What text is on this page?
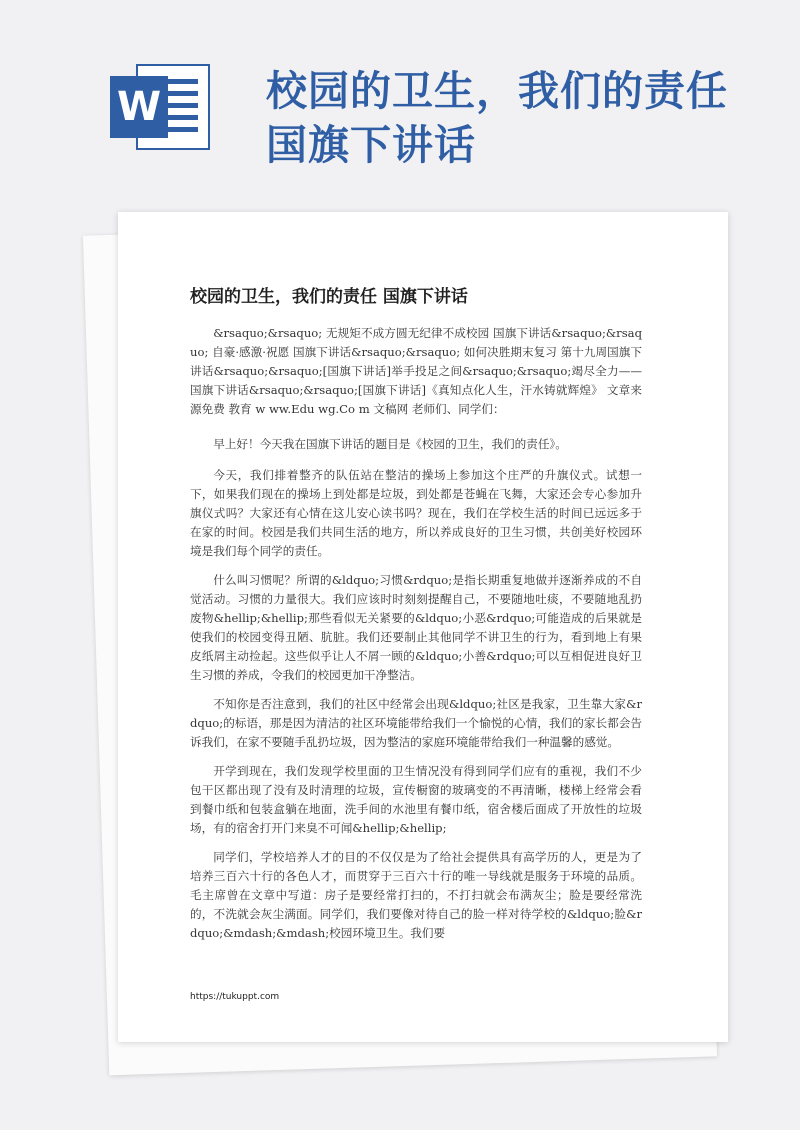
W	校园的卫生，我们的责任国旗下讲话
校园的卫生，我们的责任 国旗下讲话

&rsaquo;&rsaquo; 无规矩不成方圆无纪律不成校园 国旗下讲话&rsaquo;&rsaquo; 自豪·感激·祝愿 国旗下讲话&rsaquo;&rsaquo; 如何决胜期末复习 第十九周国旗下讲话&rsaquo;&rsaquo;[国旗下讲话]举手投足之间&rsaquo;&rsaquo;竭尽全力——国旗下讲话&rsaquo;&rsaquo;[国旗下讲话]《真知点化人生，汗水铸就辉煌》 文章来源免费 教育 w ww.Edu wg.Co m 文稿网 老师们、同学们：

早上好！今天我在国旗下讲话的题目是《校园的卫生，我们的责任》。

今天，我们排着整齐的队伍站在整洁的操场上参加这个庄严的升旗仪式。试想一下，如果我们现在的操场上到处都是垃圾，到处都是苍蝇在飞舞，大家还会专心参加升旗仪式吗？大家还有心情在这儿安心读书吗？现在，我们在学校生活的时间已远远多于在家的时间。校园是我们共同生活的地方，所以养成良好的卫生习惯，共创美好校园环境是我们每个同学的责任。

什么叫习惯呢？所谓的&ldquo;习惯&rdquo;是指长期重复地做并逐渐养成的不自觉活动。习惯的力量很大。我们应该时时刻刻提醒自己，不要随地吐痰，不要随地乱扔废物&hellip;&hellip;那些看似无关紧要的&ldquo;小恶&rdquo;可能造成的后果就是使我们的校园变得丑陋、肮脏。我们还要制止其他同学不讲卫生的行为，看到地上有果皮纸屑主动捡起。这些似乎让人不屑一顾的&ldquo;小善&rdquo;可以互相促进良好卫生习惯的养成，令我们的校园更加干净整洁。

不知你是否注意到，我们的社区中经常会出现&ldquo;社区是我家，卫生靠大家&rdquo;的标语，那是因为清洁的社区环境能带给我们一个愉悦的心情，我们的家长都会告诉我们，在家不要随手乱扔垃圾，因为整洁的家庭环境能带给我们一种温馨的感觉。

开学到现在，我们发现学校里面的卫生情况没有得到同学们应有的重视，我们不少包干区都出现了没有及时清理的垃圾，宣传橱窗的玻璃变的不再清晰，楼梯上经常会看到餐巾纸和包装盒躺在地面，洗手间的水池里有餐巾纸，宿舍楼后面成了开放性的垃圾场，有的宿舍打开门来臭不可闻&hellip;&hellip;

同学们，学校培养人才的目的不仅仅是为了给社会提供具有高学历的人，更是为了培养三百六十行的各色人才，而贯穿于三百六十行的唯一导线就是服务于环境的品质。毛主席曾在文章中写道：房子是要经常打扫的，不打扫就会布满灰尘；脸是要经常洗的，不洗就会灰尘满面。同学们，我们要像对待自己的脸一样对待学校的&ldquo;脸&rdquo;&mdash;&mdash;校园环境卫生。我们要

https://tukuppt.com
